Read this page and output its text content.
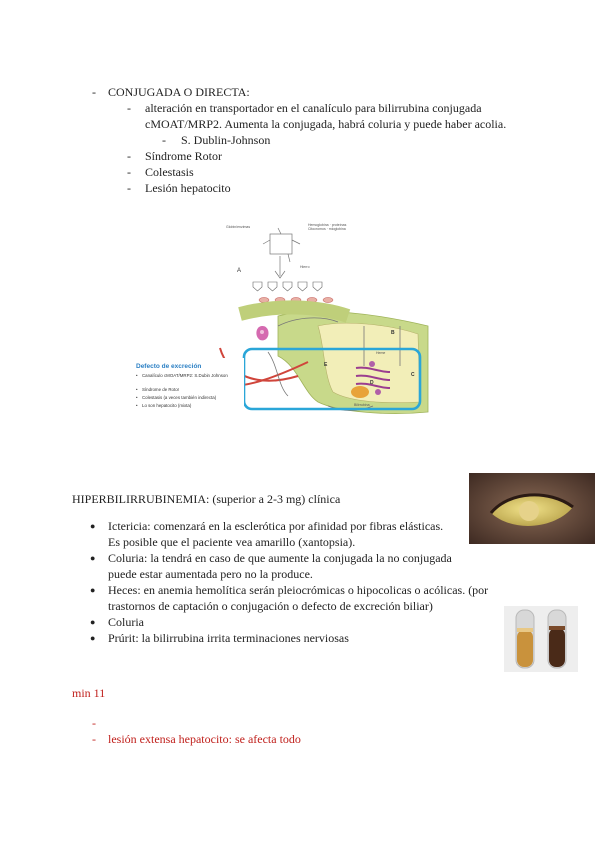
- CONJUGADA O DIRECTA:
- alteración en transportador en el canalículo para bilirrubina conjugada
cMOAT/MRP2. Aumenta la conjugada, habrá coluria y puede haber acolia.
- S. Dublin-Johnson
- Síndrome Rotor
- Colestasis
- Lesión hepatocito
Globin/enzimas	Hemoglobina · proteínas
Citocromos · mioglobina
Hierro
A
B
C
D
E
Heme
Bilirrubina
Defecto de excreción
• Canalículo cMOAT/MRP2: S.Dubin Johnson
• Síndrome de Rotor
• Colestasis (a veces también indirecta)
• Lo son hepatocito (mixta)
HIPERBILIRRUBINEMIA: (superior a 2-3 mg) clínica
● Ictericia: comenzará en la esclerótica por afinidad por fibras elásticas.
Es posible que el paciente vea amarillo (xantopsia).
● Coluria: la tendrá en caso de que aumente la conjugada la no conjugada
puede estar aumentada pero no la produce.
● Heces: en anemia hemolítica serán pleiocrómicas o hipocolicas o acólicas. (por
trastornos de captación o conjugación o defecto de excreción biliar)
● Coluria
● Prúrit: la bilirrubina irrita terminaciones nerviosas
min 11
-
- lesión extensa hepatocito: se afecta todo
